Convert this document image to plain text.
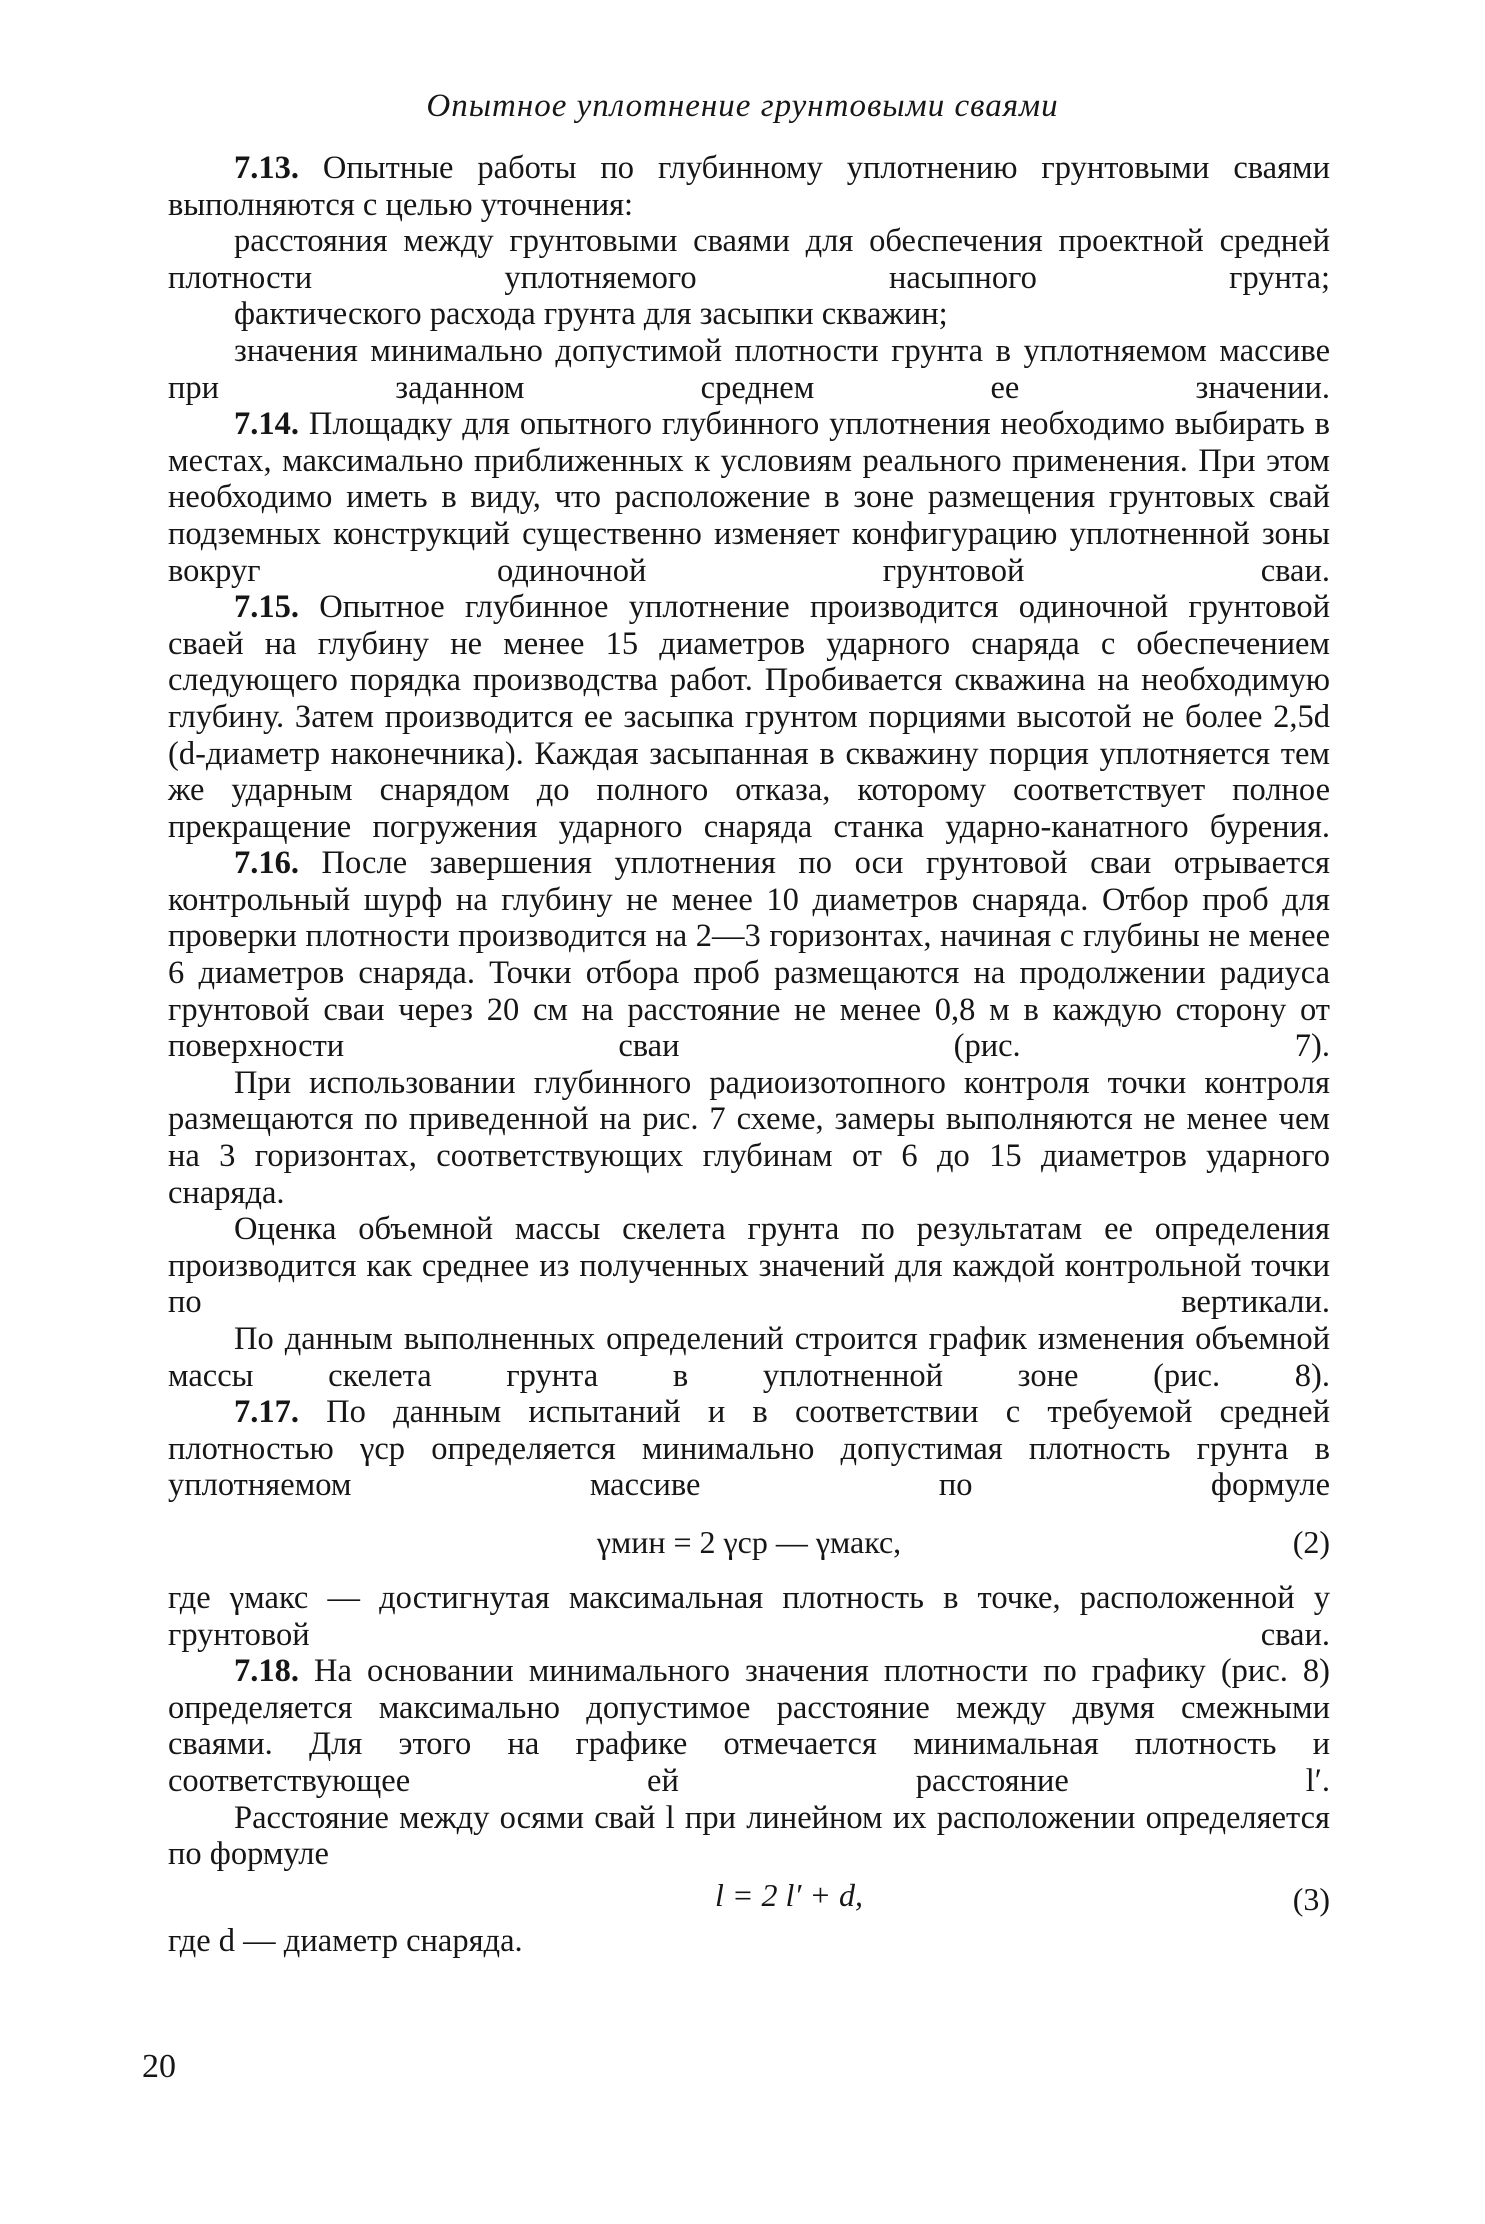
Опытное уплотнение грунтовыми сваями

7.13. Опытные работы по глубинному уплотнению грунтовыми сваями выполняются с целью уточнения:

расстояния между грунтовыми сваями для обеспечения проектной средней плотности уплотняемого насыпного грунта;

фактического расхода грунта для засыпки скважин;

значения минимально допустимой плотности грунта в уплотняемом массиве при заданном среднем ее значении.

7.14. Площадку для опытного глубинного уплотнения необходимо выбирать в местах, максимально приближенных к условиям реального применения. При этом необходимо иметь в виду, что расположение в зоне размещения грунтовых свай подземных конструкций существенно изменяет конфигурацию уплотненной зоны вокруг одиночной грунтовой сваи.

7.15. Опытное глубинное уплотнение производится одиночной грунтовой сваей на глубину не менее 15 диаметров ударного снаряда с обеспечением следующего порядка производства работ. Пробивается скважина на необходимую глубину. Затем производится ее засыпка грунтом порциями высотой не более 2,5d (d-диаметр наконечника). Каждая засыпанная в скважину порция уплотняется тем же ударным снарядом до полного отказа, которому соответствует полное прекращение погружения ударного снаряда станка ударно-канатного бурения.

7.16. После завершения уплотнения по оси грунтовой сваи отрывается контрольный шурф на глубину не менее 10 диаметров снаряда. Отбор проб для проверки плотности производится на 2—3 горизонтах, начиная с глубины не менее 6 диаметров снаряда. Точки отбора проб размещаются на продолжении радиуса грунтовой сваи через 20 см на расстояние не менее 0,8 м в каждую сторону от поверхности сваи (рис. 7).

При использовании глубинного радиоизотопного контроля точки контроля размещаются по приведенной на рис. 7 схеме, замеры выполняются не менее чем на 3 горизонтах, соответствующих глубинам от 6 до 15 диаметров ударного снаряда.

Оценка объемной массы скелета грунта по результатам ее определения производится как среднее из полученных значений для каждой контрольной точки по вертикали.

По данным выполненных определений строится график изменения объемной массы скелета грунта в уплотненной зоне (рис. 8).

7.17. По данным испытаний и в соответствии с требуемой средней плотностью γср определяется минимально допустимая плотность грунта в уплотняемом массиве по формуле

γмин = 2 γср — γмакс,	(2)

где γмакс — достигнутая максимальная плотность в точке, расположенной у грунтовой сваи.

7.18. На основании минимального значения плотности по графику (рис. 8) определяется максимально допустимое расстояние между двумя смежными сваями. Для этого на графике отмечается минимальная плотность и соответствующее ей расстояние l′.

Расстояние между осями свай l при линейном их расположении определяется по формуле

l = 2 l′ + d,	(3)

где d — диаметр снаряда.

20
